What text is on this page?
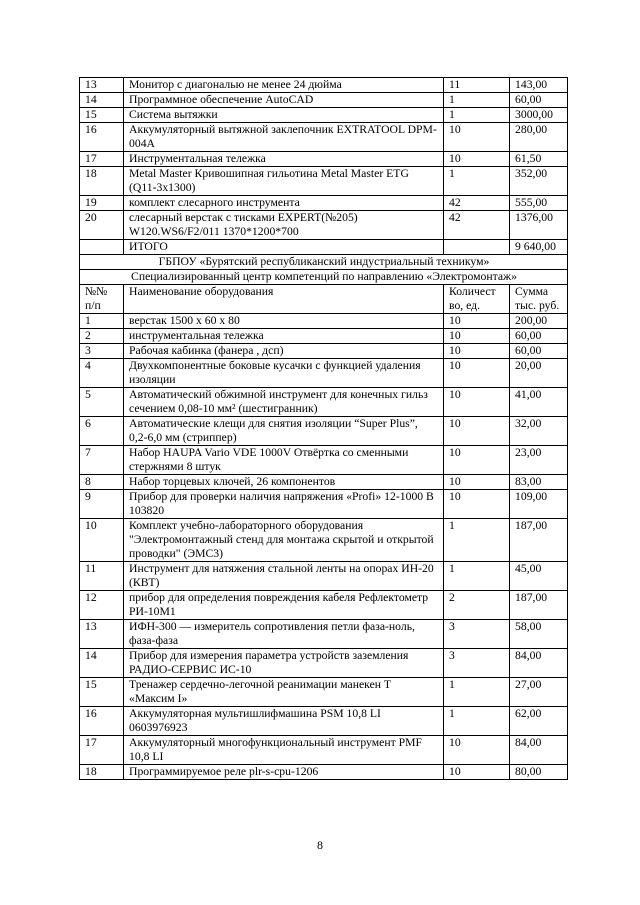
13	Монитор с диагональю не менее 24 дюйма	11	143,00
14	Программное обеспечение AutoCAD	1	60,00
15	Система вытяжки	1	3000,00
16	Аккумуляторный вытяжной заклепочник EXTRATOOL DPM-004A	10	280,00
17	Инструментальная тележка	10	61,50
18	Metal Master Кривошипная гильотина Metal Master ETG (Q11-3x1300)	1	352,00
19	комплект слесарного инструмента	42	555,00
20	слесарный верстак с тисками EXPERT(№205) W120.WS6/F2/011 1370*1200*700	42	1376,00
	ИТОГО		9 640,00
ГБПОУ «Бурятский республиканский индустриальный техникум»			
Специализированный центр компетенций по направлению «Электромонтаж»			
№№ п/п	Наименование оборудования	Количест во, ед.	Сумма тыс. руб.
1	верстак 1500 х 60 х 80	10	200,00
2	инструментальная тележка	10	60,00
3	Рабочая кабинка (фанера , дсп)	10	60,00
4	Двухкомпонентные боковые кусачки с функцией удаления изоляции	10	20,00
5	Автоматический обжимной инструмент для конечных гильз сечением 0,08-10 мм² (шестигранник)	10	41,00
6	Автоматические клещи для снятия изоляции “Super Plus”, 0,2-6,0 мм (стриппер)	10	32,00
7	Набор HAUPA Vario VDE 1000V Отвёртка со сменными стержнями 8 штук	10	23,00
8	Набор торцевых ключей, 26 компонентов	10	83,00
9	Прибор для проверки наличия напряжения «Profi» 12-1000 B 103820	10	109,00
10	Комплект учебно-лабораторного оборудования "Электромонтажный стенд для монтажа скрытой и открытой проводки" (ЭМС3)	1	187,00
11	Инструмент для натяжения стальной ленты на опорах ИН-20 (КВТ)	1	45,00
12	прибор для определения повреждения кабеля Рефлектометр РИ-10М1	2	187,00
13	ИФН-300 — измеритель сопротивления петли фаза-ноль, фаза-фаза	3	58,00
14	Прибор для измерения параметра устройств заземления РАДИО-СЕРВИС ИС-10	3	84,00
15	Тренажер сердечно-легочной реанимации манекен Т «Максим I»	1	27,00
16	Аккумуляторная мультишлифмашина PSM 10,8 LI 0603976923	1	62,00
17	Аккумуляторный многофункциональный инструмент PMF 10,8 LI	10	84,00
18	Программируемое реле plr-s-cpu-1206	10	80,00
8
